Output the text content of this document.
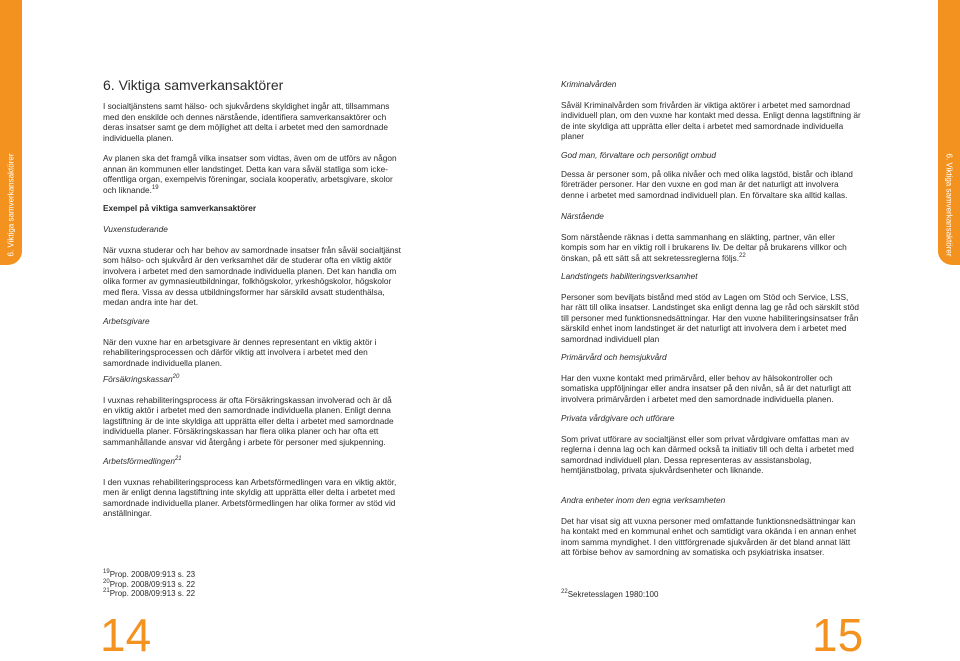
6. Viktiga samverkansaktörer	6. Viktiga samverkansaktörer
6. Viktiga samverkansaktörer

I socialtjänstens samt hälso- och sjukvårdens skyldighet ingår att, tillsammans med den enskilde och dennes närstående, identifiera samverkansaktörer och deras insatser samt ge dem möjlighet att delta i arbetet med den samordnade individuella planen.

Av planen ska det framgå vilka insatser som vidtas, även om de utförs av någon annan än kommunen eller landstinget. Detta kan vara såväl statliga som icke-offentliga organ, exempelvis föreningar, sociala kooperativ, arbetsgivare, skolor och liknande.$^{19}$

Exempel på viktiga samverkansaktörer

Vuxenstuderande

När vuxna studerar och har behov av samordnade insatser från såväl socialtjänst som hälso- och sjukvård är den verksamhet där de studerar ofta en viktig aktör involvera i arbetet med den samordnade individuella planen. Det kan handla om olika former av gymnasieutbildningar, folkhögskolor, yrkeshögskolor, högskolor med flera. Vissa av dessa utbildningsformer har särskild avsatt studenthälsa, medan andra inte har det.

Arbetsgivare

När den vuxne har en arbetsgivare är dennes representant en viktig aktör i rehabiliteringsprocessen och därför viktig att involvera i arbetet med den samordnade individuella planen.

Försäkringskassan$^{20}$

I vuxnas rehabiliteringsprocess är ofta Försäkringskassan involverad och är då en viktig aktör i arbetet med den samordnade individuella planen. Enligt denna lagstiftning är de inte skyldiga att upprätta eller delta i arbetet med samordnade individuella planer. Försäkringskassan har flera olika planer och har ofta ett sammanhållande ansvar vid återgång i arbete för personer med sjukpenning.

Arbetsförmedlingen$^{21}$

I den vuxnas rehabiliteringsprocess kan Arbetsförmedlingen vara en viktig aktör, men är enligt denna lagstiftning inte skyldig att upprätta eller delta i arbetet med samordnade individuella planer. Arbetsförmedlingen har olika former av stöd vid anställningar.

$^{19}$Prop. 2008/09:913 s. 23
$^{20}$Prop. 2008/09:913 s. 22
$^{21}$Prop. 2008/09:913 s. 22
14

Kriminalvården

Såväl Kriminalvården som frivården är viktiga aktörer i arbetet med samordnad individuell plan, om den vuxne har kontakt med dessa. Enligt denna lagstiftning är de inte skyldiga att upprätta eller delta i arbetet med samordnade individuella planer

God man, förvaltare och personligt ombud

Dessa är personer som, på olika nivåer och med olika lagstöd, bistår och ibland företräder personer. Har den vuxne en god man är det naturligt att involvera denne i arbetet med samordnad individuell plan. En förvaltare ska alltid kallas.

Närstående

Som närstående räknas i detta sammanhang en släkting, partner, vän eller kompis som har en viktig roll i brukarens liv. De deltar på brukarens villkor och önskan, på ett sätt så att sekretessreglerna följs.$^{22}$

Landstingets habiliteringsverksamhet

Personer som beviljats bistånd med stöd av Lagen om Stöd och Service, LSS, har rätt till olika insatser. Landstinget ska enligt denna lag ge råd och särskilt stöd till personer med funktionsnedsättningar. Har den vuxne habiliteringsinsatser från särskild enhet inom landstinget är det naturligt att involvera dem i arbetet med samordnad individuell plan

Primärvård och hemsjukvård

Har den vuxne kontakt med primärvård, eller behov av hälsokontroller och somatiska uppföljningar eller andra insatser på den nivån, så är det naturligt att involvera primärvården i arbetet med den samordnade individuella planen.

Privata vårdgivare och utförare

Som privat utförare av socialtjänst eller som privat vårdgivare omfattas man av reglerna i denna lag och kan därmed också ta initiativ till och delta i arbetet med samordnad individuell plan. Dessa representeras av assistansbolag, hemtjänstbolag, privata sjukvårdsenheter och liknande.

Andra enheter inom den egna verksamheten

Det har visat sig att vuxna personer med omfattande funktionsnedsättningar kan ha kontakt med en kommunal enhet och samtidigt vara okända i en annan enhet inom samma myndighet. I den vittförgrenade sjukvården är det bland annat lätt att förbise behov av samordning av somatiska och psykiatriska insatser.

$^{22}$Sekretesslagen 1980:100
15
